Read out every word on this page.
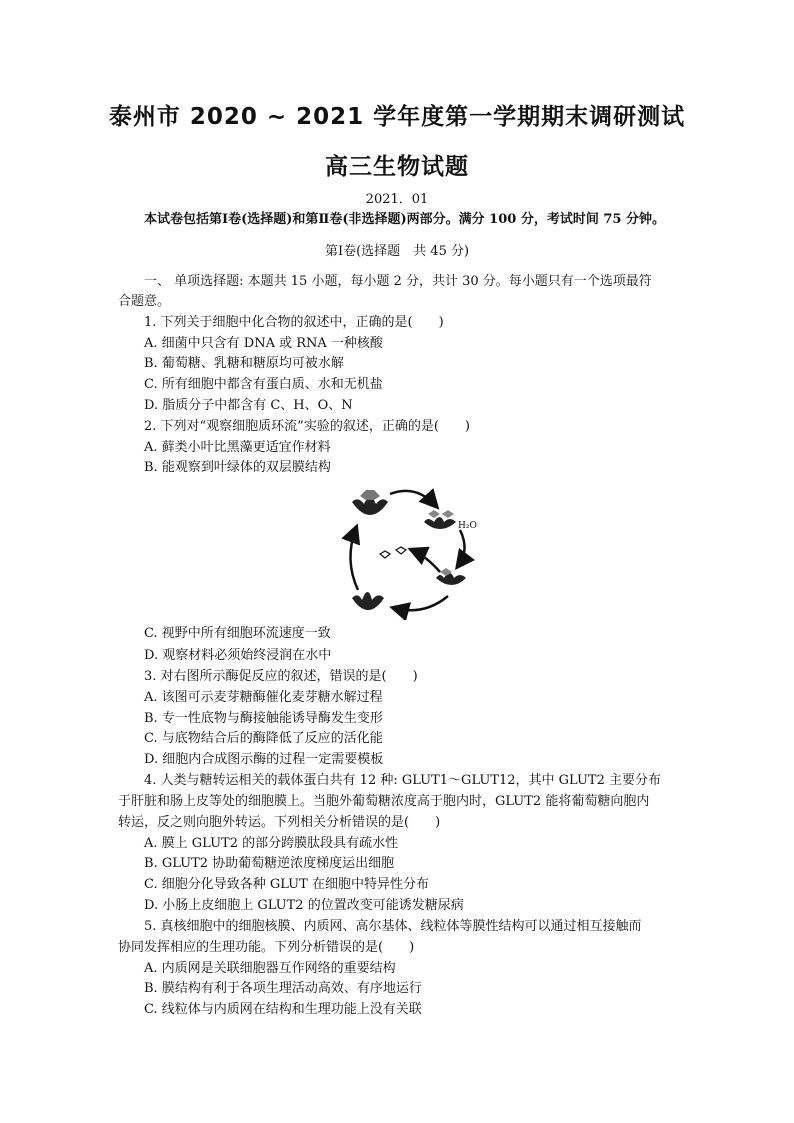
泰州市 2020 ~ 2021 学年度第一学期期末调研测试
高三生物试题
2021．01
本试卷包括第Ⅰ卷(选择题)和第Ⅱ卷(非选择题)两部分。满分 100 分，考试时间 75 分钟。
第Ⅰ卷(选择题　共 45 分)
一、 单项选择题: 本题共 15 小题，每小题 2 分，共计 30 分。每小题只有一个选项最符
合题意。
1. 下列关于细胞中化合物的叙述中，正确的是(　　)
A. 细菌中只含有 DNA 或 RNA 一种核酸
B. 葡萄糖、乳糖和糖原均可被水解
C. 所有细胞中都含有蛋白质、水和无机盐
D. 脂质分子中都含有 C、H、O、N
2. 下列对“观察细胞质环流”实验的叙述，正确的是(　　)
A. 藓类小叶比黑藻更适宜作材料
B. 能观察到叶绿体的双层膜结构
H₂O
C. 视野中所有细胞环流速度一致
D. 观察材料必须始终浸润在水中
3. 对右图所示酶促反应的叙述，错误的是(　　)
A. 该图可示麦芽糖酶催化麦芽糖水解过程
B. 专一性底物与酶接触能诱导酶发生变形
C. 与底物结合后的酶降低了反应的活化能
D. 细胞内合成图示酶的过程一定需要模板
4. 人类与糖转运相关的载体蛋白共有 12 种: GLUT1～GLUT12，其中 GLUT2 主要分布
于肝脏和肠上皮等处的细胞膜上。当胞外葡萄糖浓度高于胞内时，GLUT2 能将葡萄糖向胞内
转运，反之则向胞外转运。下列相关分析错误的是(　　)
A. 膜上 GLUT2 的部分跨膜肽段具有疏水性
B. GLUT2 协助葡萄糖逆浓度梯度运出细胞
C. 细胞分化导致各种 GLUT 在细胞中特异性分布
D. 小肠上皮细胞上 GLUT2 的位置改变可能诱发糖尿病
5. 真核细胞中的细胞核膜、内质网、高尔基体、线粒体等膜性结构可以通过相互接触而
协同发挥相应的生理功能。下列分析错误的是(　　)
A. 内质网是关联细胞器互作网络的重要结构
B. 膜结构有利于各项生理活动高效、有序地运行
C. 线粒体与内质网在结构和生理功能上没有关联
